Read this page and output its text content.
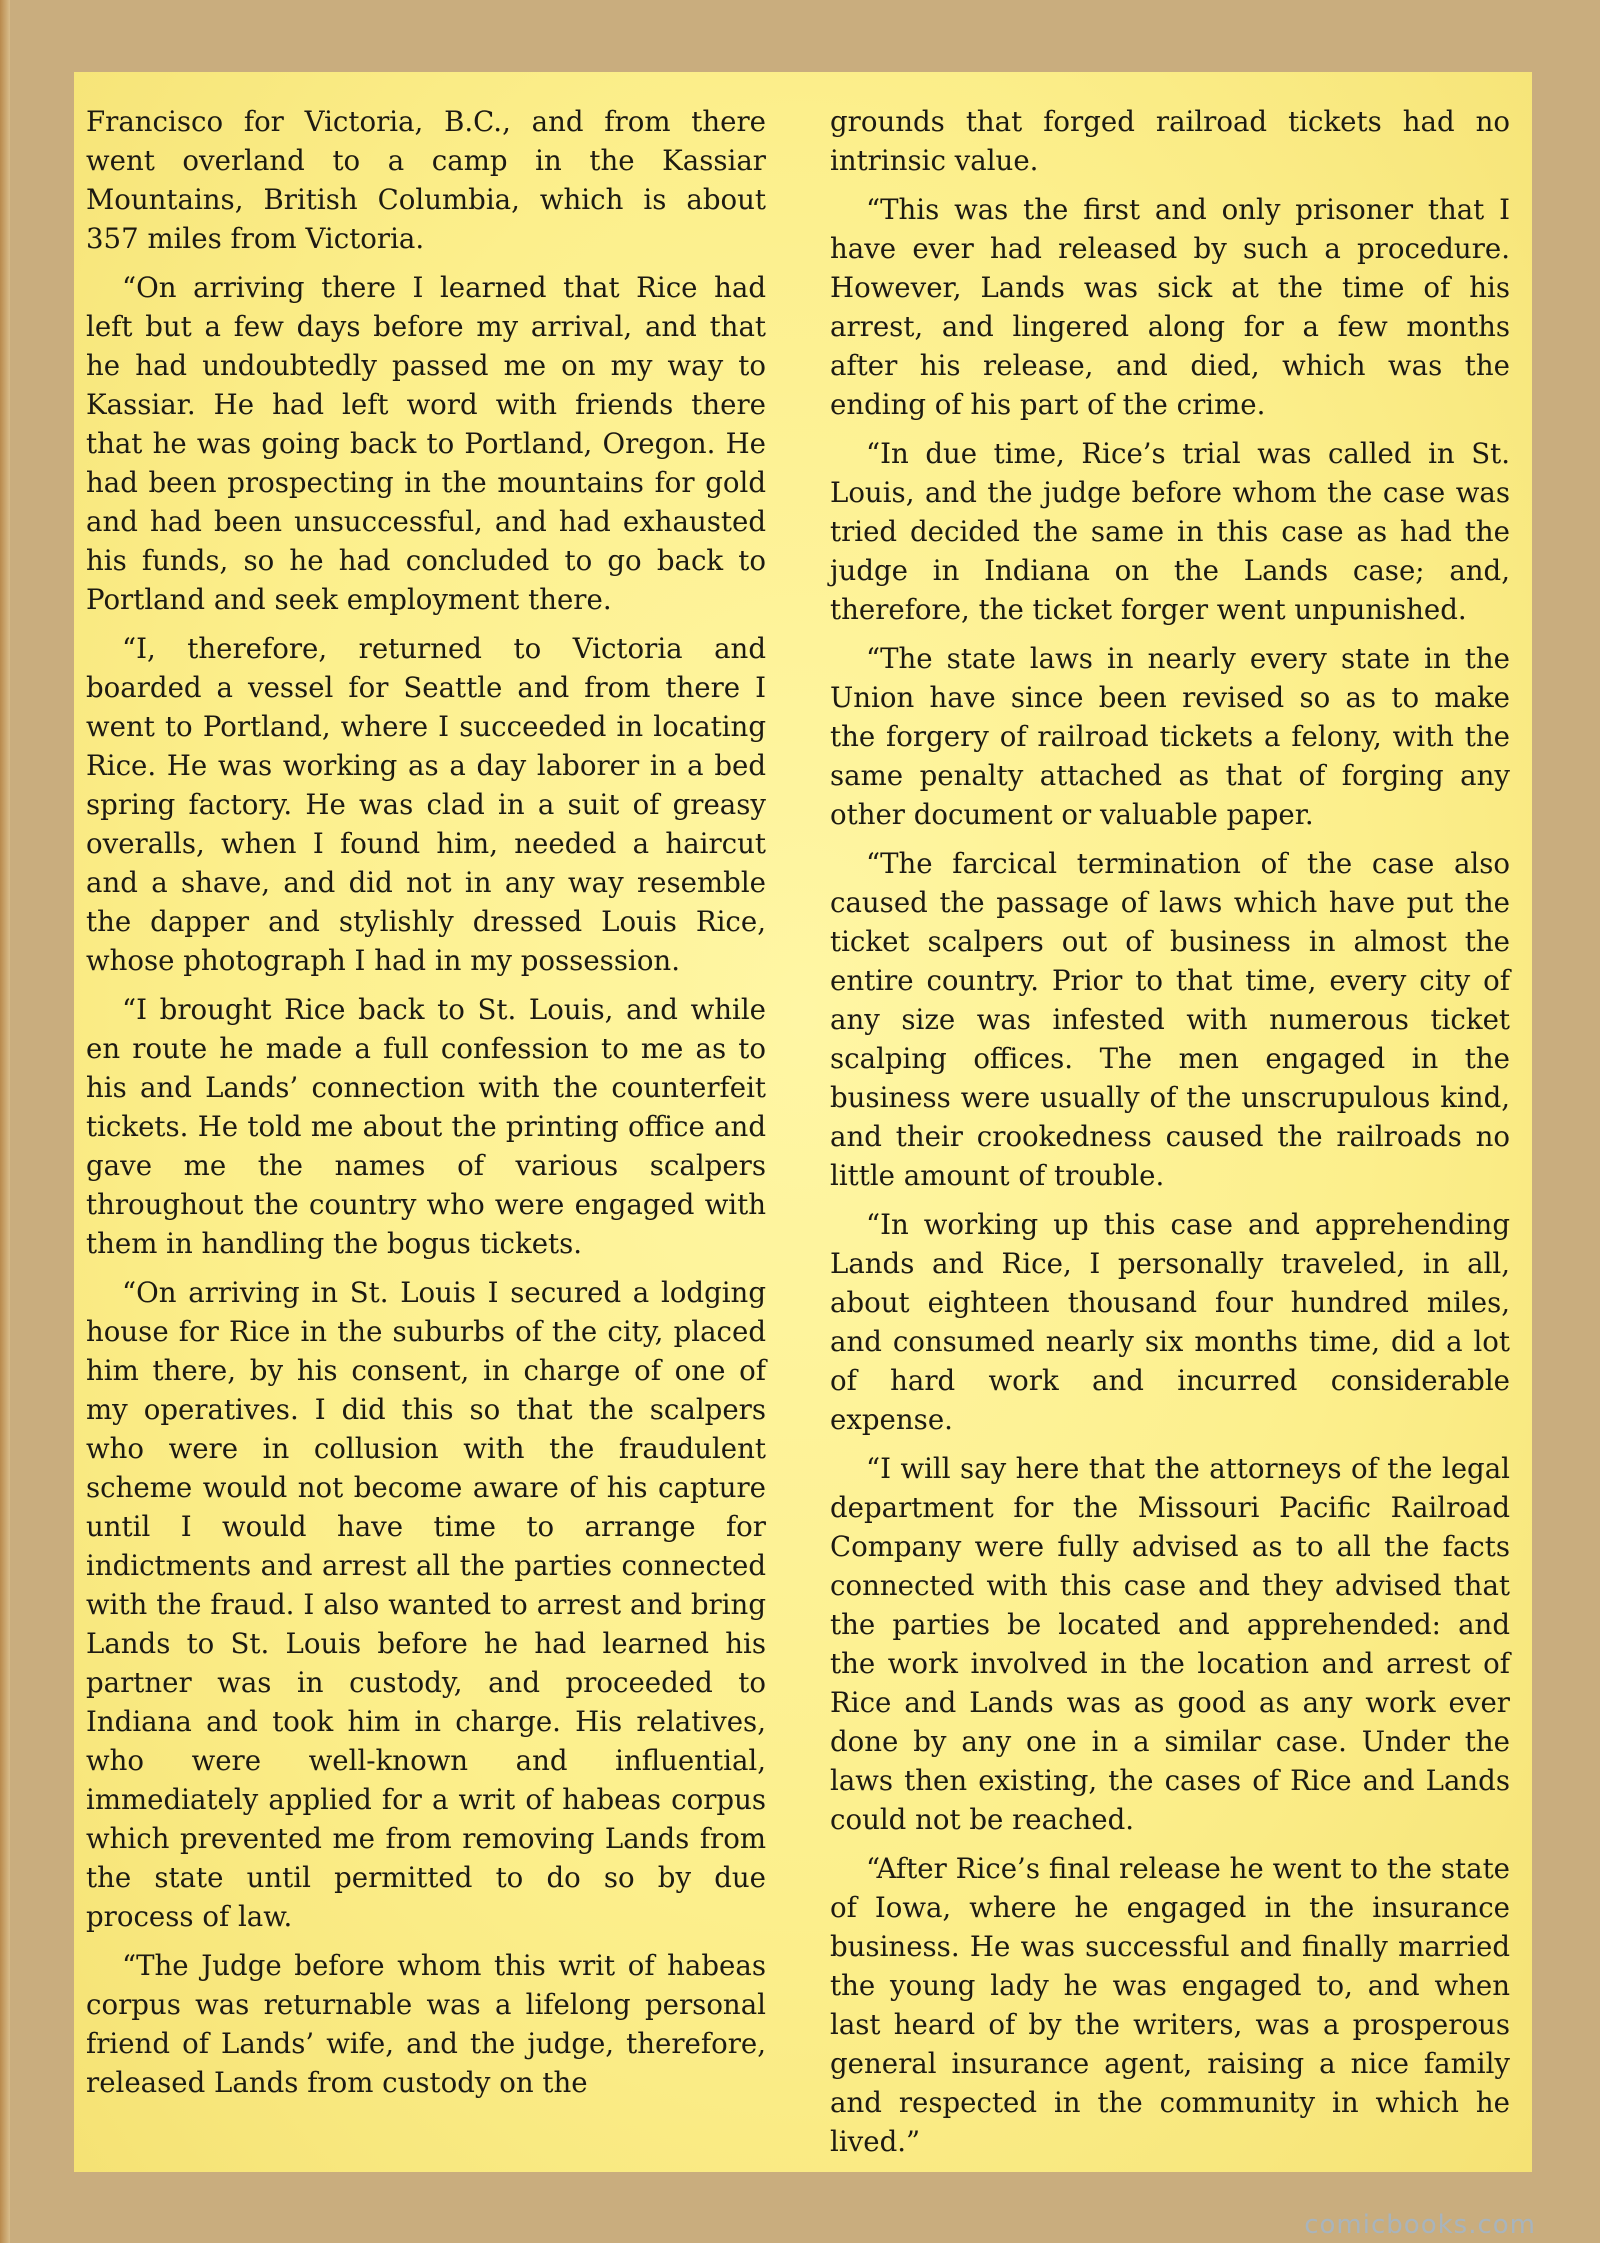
Francisco for Victoria, B.C., and from there went overland to a camp in the Kassiar Mountains, British Columbia, which is about 357 miles from Victoria.

“On arriving there I learned that Rice had left but a few days before my arrival, and that he had undoubtedly passed me on my way to Kassiar. He had left word with friends there that he was going back to Portland, Oregon. He had been prospecting in the mountains for gold and had been unsuccessful, and had exhausted his funds, so he had concluded to go back to Portland and seek employment there.

“I, therefore, returned to Victoria and boarded a vessel for Seattle and from there I went to Portland, where I succeeded in locating Rice. He was working as a day laborer in a bed spring factory. He was clad in a suit of greasy overalls, when I found him, needed a haircut and a shave, and did not in any way resemble the dapper and stylishly dressed Louis Rice, whose photograph I had in my possession.

“I brought Rice back to St. Louis, and while en route he made a full confession to me as to his and Lands’ connection with the counterfeit tickets. He told me about the printing office and gave me the names of various scalpers throughout the country who were engaged with them in handling the bogus tickets.

“On arriving in St. Louis I secured a lodging house for Rice in the suburbs of the city, placed him there, by his consent, in charge of one of my operatives. I did this so that the scalpers who were in collusion with the fraudulent scheme would not become aware of his capture until I would have time to arrange for indictments and arrest all the parties connected with the fraud. I also wanted to arrest and bring Lands to St. Louis before he had learned his partner was in custody, and proceeded to Indiana and took him in charge. His relatives, who were well-known and influential, immediately applied for a writ of habeas corpus which prevented me from removing Lands from the state until permitted to do so by due process of law.

“The Judge before whom this writ of habeas corpus was returnable was a lifelong personal friend of Lands’ wife, and the judge, therefore, released Lands from custody on the

grounds that forged railroad tickets had no intrinsic value.

“This was the first and only prisoner that I have ever had released by such a procedure. However, Lands was sick at the time of his arrest, and lingered along for a few months after his release, and died, which was the ending of his part of the crime.

“In due time, Rice’s trial was called in St. Louis, and the judge before whom the case was tried decided the same in this case as had the judge in Indiana on the Lands case; and, therefore, the ticket forger went unpunished.

“The state laws in nearly every state in the Union have since been revised so as to make the forgery of railroad tickets a felony, with the same penalty attached as that of forging any other document or valuable paper.

“The farcical termination of the case also caused the passage of laws which have put the ticket scalpers out of business in almost the entire country. Prior to that time, every city of any size was infested with numerous ticket scalping offices. The men engaged in the business were usually of the unscrupulous kind, and their crookedness caused the railroads no little amount of trouble.

“In working up this case and apprehending Lands and Rice, I personally traveled, in all, about eighteen thousand four hundred miles, and consumed nearly six months time, did a lot of hard work and incurred considerable expense.

“I will say here that the attorneys of the legal department for the Missouri Pacific Railroad Company were fully advised as to all the facts connected with this case and they advised that the parties be located and apprehended: and the work involved in the location and arrest of Rice and Lands was as good as any work ever done by any one in a similar case. Under the laws then existing, the cases of Rice and Lands could not be reached.

“After Rice’s final release he went to the state of Iowa, where he engaged in the insurance business. He was successful and finally married the young lady he was engaged to, and when last heard of by the writers, was a prosperous general insurance agent, raising a nice family and respected in the community in which he lived.”

comicbooks.com
